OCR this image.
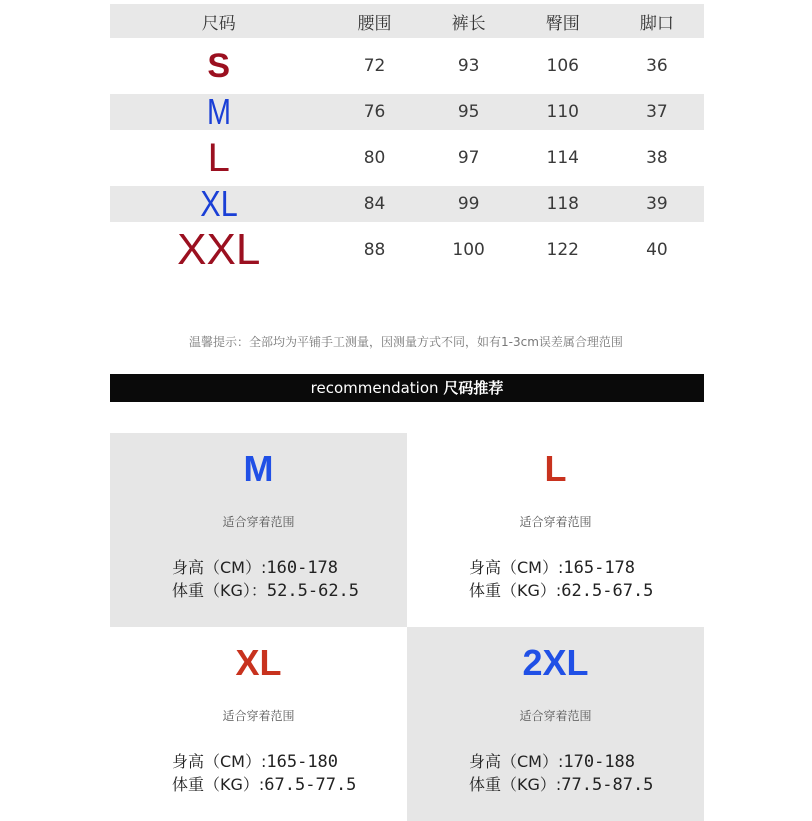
尺码	腰围	裤长	臀围	脚口
S	72	93	106	36
M	76	95	110	37
L	80	97	114	38
XL	84	99	118	39
XXL	88	100	122	40
温馨提示：全部均为平铺手工测量，因测量方式不同，如有1-3cm误差属合理范围
recommendation 尺码推荐
M
适合穿着范围
身高（CM）:160-178
体重（KG）：52.5-62.5
L
适合穿着范围
身高（CM）:165-178
体重（KG）:62.5-67.5
XL
适合穿着范围
身高（CM）:165-180
体重（KG）:67.5-77.5
2XL
适合穿着范围
身高（CM）:170-188
体重（KG）:77.5-87.5
